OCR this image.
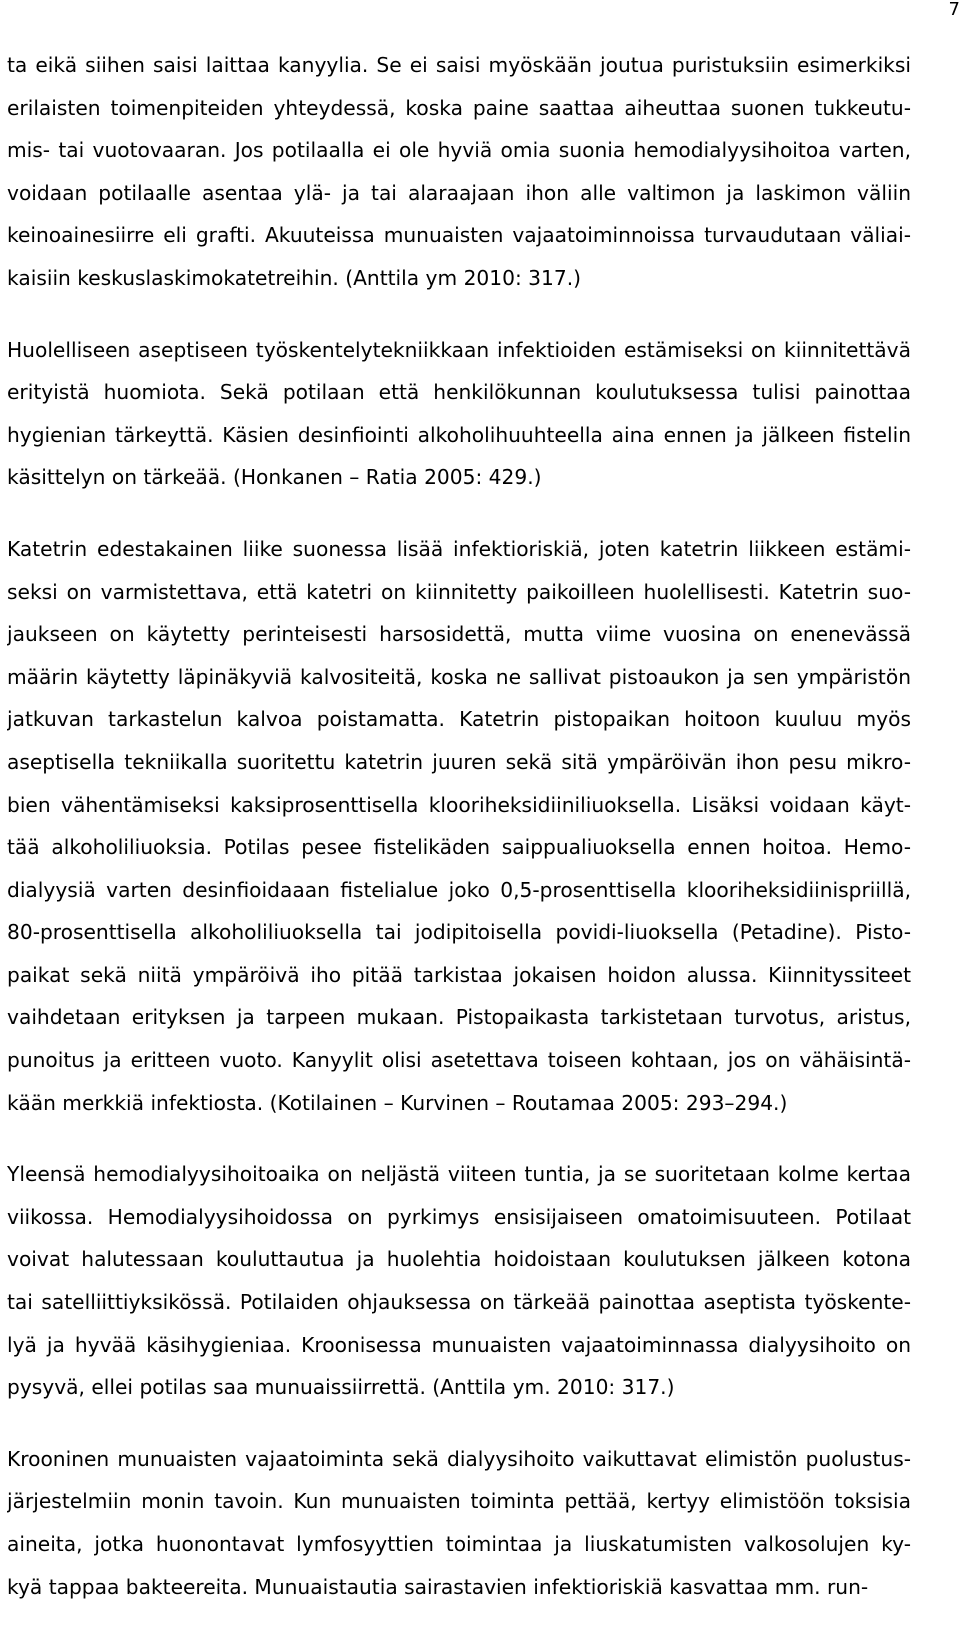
7
ta eikä siihen saisi laittaa kanyylia. Se ei saisi myöskään joutua puristuksiin esimerkiksi
erilaisten toimenpiteiden yhteydessä, koska paine saattaa aiheuttaa suonen tukkeutu-
mis- tai vuotovaaran. Jos potilaalla ei ole hyviä omia suonia hemodialyysihoitoa varten,
voidaan potilaalle asentaa ylä- ja tai alaraajaan ihon alle valtimon ja laskimon väliin
keinoainesiirre eli grafti. Akuuteissa munuaisten vajaatoiminnoissa turvaudutaan väliai-
kaisiin keskuslaskimokatetreihin. (Anttila ym 2010: 317.)
Huolelliseen aseptiseen työskentelytekniikkaan infektioiden estämiseksi on kiinnitettävä
erityistä huomiota. Sekä potilaan että henkilökunnan koulutuksessa tulisi painottaa
hygienian tärkeyttä. Käsien desinfiointi alkoholihuuhteella aina ennen ja jälkeen fistelin
käsittelyn on tärkeää. (Honkanen – Ratia 2005: 429.)
Katetrin edestakainen liike suonessa lisää infektioriskiä, joten katetrin liikkeen estämi-
seksi on varmistettava, että katetri on kiinnitetty paikoilleen huolellisesti. Katetrin suo-
jaukseen on käytetty perinteisesti harsosidettä, mutta viime vuosina on enenevässä
määrin käytetty läpinäkyviä kalvositeitä, koska ne sallivat pistoaukon ja sen ympäristön
jatkuvan tarkastelun kalvoa poistamatta. Katetrin pistopaikan hoitoon kuuluu myös
aseptisella tekniikalla suoritettu katetrin juuren sekä sitä ympäröivän ihon pesu mikro-
bien vähentämiseksi kaksiprosenttisella klooriheksidiiniliuoksella. Lisäksi voidaan käyt-
tää alkoholiliuoksia. Potilas pesee fistelikäden saippualiuoksella ennen hoitoa. Hemo-
dialyysiä varten desinfioidaaan fistelialue joko 0,5-prosenttisella klooriheksidiinispriillä,
80-prosenttisella alkoholiliuoksella tai jodipitoisella povidi-liuoksella (Petadine). Pisto-
paikat sekä niitä ympäröivä iho pitää tarkistaa jokaisen hoidon alussa. Kiinnityssiteet
vaihdetaan erityksen ja tarpeen mukaan. Pistopaikasta tarkistetaan turvotus, aristus,
punoitus ja eritteen vuoto. Kanyylit olisi asetettava toiseen kohtaan, jos on vähäisintä-
kään merkkiä infektiosta. (Kotilainen – Kurvinen – Routamaa 2005: 293–294.)
Yleensä hemodialyysihoitoaika on neljästä viiteen tuntia, ja se suoritetaan kolme kertaa
viikossa. Hemodialyysihoidossa on pyrkimys ensisijaiseen omatoimisuuteen. Potilaat
voivat halutessaan kouluttautua ja huolehtia hoidoistaan koulutuksen jälkeen kotona
tai satelliittiyksikössä. Potilaiden ohjauksessa on tärkeää painottaa aseptista työskente-
lyä ja hyvää käsihygieniaa. Kroonisessa munuaisten vajaatoiminnassa dialyysihoito on
pysyvä, ellei potilas saa munuaissiirrettä. (Anttila ym. 2010: 317.)
Krooninen munuaisten vajaatoiminta sekä dialyysihoito vaikuttavat elimistön puolustus-
järjestelmiin monin tavoin. Kun munuaisten toiminta pettää, kertyy elimistöön toksisia
aineita, jotka huonontavat lymfosyyttien toimintaa ja liuskatumisten valkosolujen ky-
kyä tappaa bakteereita. Munuaistautia sairastavien infektioriskiä kasvattaa mm. run-
